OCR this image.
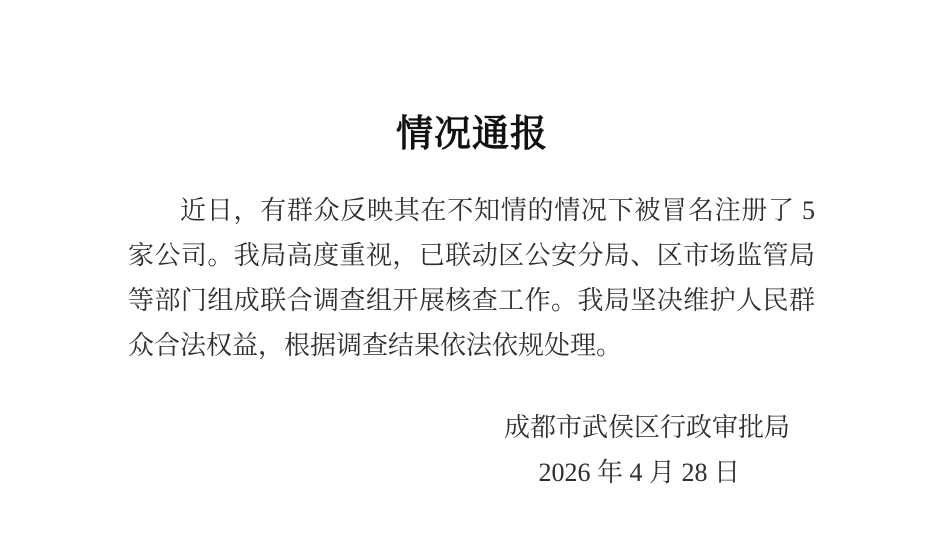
情况通报
近日，有群众反映其在不知情的情况下被冒名注册了 5
家公司。我局高度重视，已联动区公安分局、区市场监管局
等部门组成联合调查组开展核查工作。我局坚决维护人民群
众合法权益，根据调查结果依法依规处理。
成都市武侯区行政审批局
2026 年 4 月 28 日
